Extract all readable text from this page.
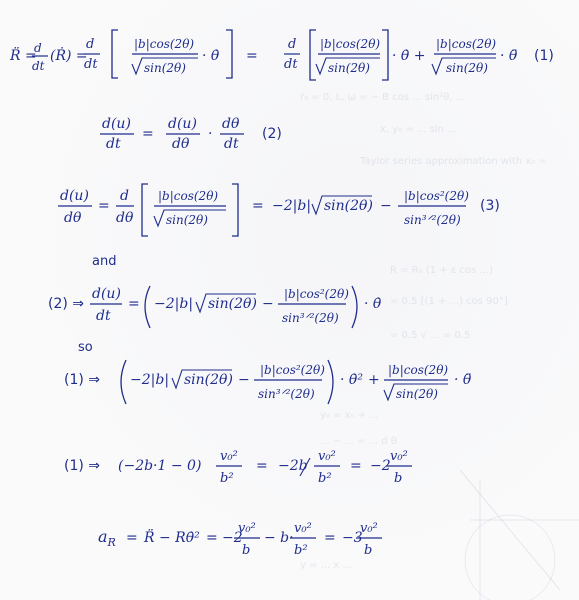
ṙ₀ = 0, L, ω = − B cos ... sin²θ, ...
x, y₀ = ... sin ...
Taylor series approximation with x₀ =
R = R₀ (1 + ε cos ...)
= 0.5 [(1 + ...) cos 90°]
= 0.5 √ ... = 0.5
y₀ = x₀ + ...
... − ... = ... d θ
y = ... x ...
R̈ =
d
dt
(Ṙ) =
d
dt
|b|cos(2θ)
sin(2θ)
· θ̇ =
d
dt
|b|cos(2θ)
sin(2θ)
· θ̇ +
|b|cos(2θ)
sin(2θ)
· θ̈ (1)
d(u)
dt
=
d(u)
dθ
·
dθ
dt
(2)
d(u)
dθ
=
d
dθ
|b|cos(2θ)
sin(2θ)
= −2|b| sin(2θ) −
|b|cos²(2θ)
sin³ᐟ²(2θ)
(3)
and
(2) ⇒
d(u)
dt
= −2|b| sin(2θ) −
|b|cos²(2θ)
sin³ᐟ²(2θ)
· θ̇
so
(1) ⇒ −2|b| sin(2θ) −
|b|cos²(2θ)
sin³ᐟ²(2θ)
· θ̇² +
|b|cos(2θ)
sin(2θ)
· θ̈
(1) ⇒ (−2b·1 − 0)
v₀²
b²
= −2b
v₀²
b²
= −2
v₀²
b
$a_R$ = R̈ − Rθ̇² = −2
v₀²
b
− b·
v₀²
b²
= −3
v₀²
b
